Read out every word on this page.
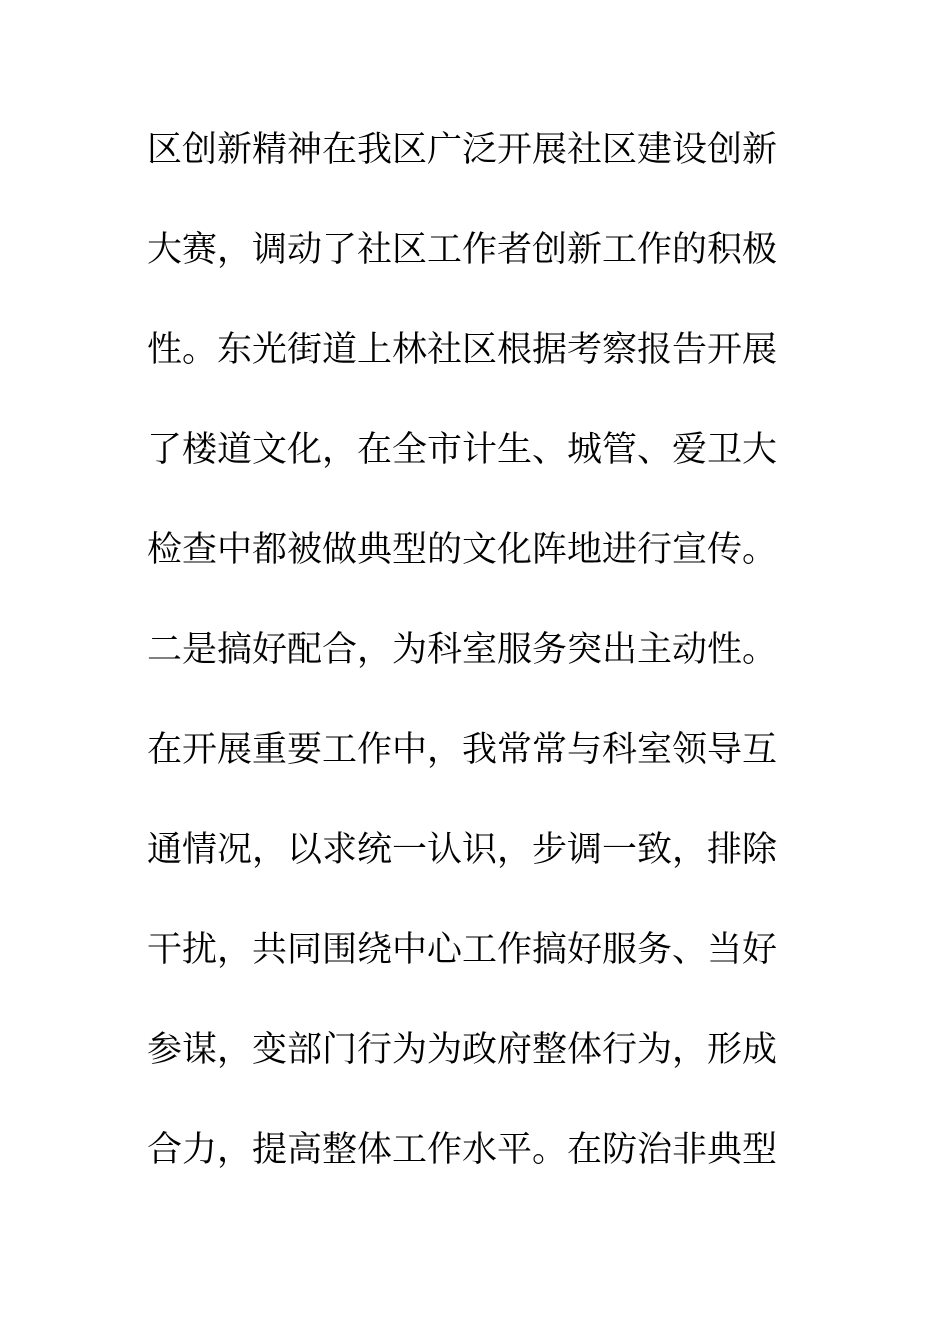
区创新精神在我区广泛开展社区建设创新

大赛，调动了社区工作者创新工作的积极

性。东光街道上林社区根据考察报告开展

了楼道文化，在全市计生、城管、爱卫大

检查中都被做典型的文化阵地进行宣传。

二是搞好配合，为科室服务突出主动性。

在开展重要工作中，我常常与科室领导互

通情况，以求统一认识，步调一致，排除

干扰，共同围绕中心工作搞好服务、当好

参谋，变部门行为为政府整体行为，形成

合力，提高整体工作水平。在防治非典型
